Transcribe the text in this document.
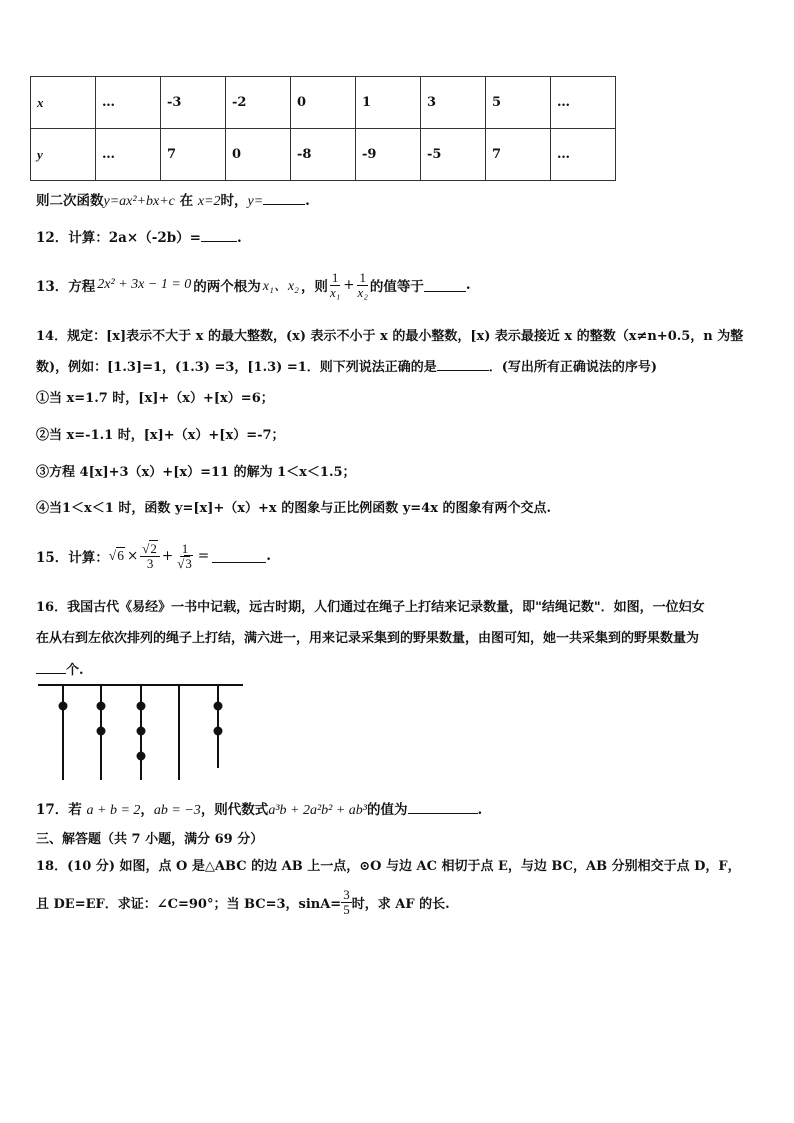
x	…	-3	-2	0	1	3	5	…
y	…	7	0	-8	-9	-5	7	…
则二次函数y=ax²+bx+c 在 x=2时，y=	.
12．计算：2a×（-2b）=	.
13．方程 2x² + 3x − 1 = 0 的两个根为 x₁、x₂ ，则 $\frac{1}{\text{x₁}} + \frac{1}{\text{x₂}}$ 的值等于	.
14．规定：[x]表示不大于 x 的最大整数，(x) 表示不小于 x 的最小整数，[x) 表示最接近 x 的整数（x≠n+0.5，n 为整
数)，例如：[1.3]=1，(1.3) =3，[1.3) =1．则下列说法正确的是	．(写出所有正确说法的序号)
①当 x=1.7 时，[x]+（x）+[x）=6；
②当 x=-1.1 时，[x]+（x）+[x）=-7；
③方程 4[x]+3（x）+[x）=11 的解为 1＜x＜1.5；
④当1＜x＜1 时，函数 y=[x]+（x）+x 的图象与正比例函数 y=4x 的图象有两个交点.
15．计算： $√6 \times \frac{√2}{3} + \frac{1}{√3}$ =	.
16．我国古代《易经》一书中记载，远古时期，人们通过在绳子上打结来记录数量，即"结绳记数"．如图，一位妇女
在从右到左依次排列的绳子上打结，满六进一，用来记录采集到的野果数量，由图可知，她一共采集到的野果数量为
个.
17．若 a + b = 2，ab = −3，则代数式a³b + 2a²b² + ab³的值为	.
三、解答题（共 7 小题，满分 69 分）
18．(10 分) 如图，点 O 是△ABC 的边 AB 上一点，⊙O 与边 AC 相切于点 E，与边 BC，AB 分别相交于点 D，F，
且 DE=EF．求证：∠C=90°；当 BC=3，$\sin A= \frac{3}{5}$ 时，求 AF 的长.
